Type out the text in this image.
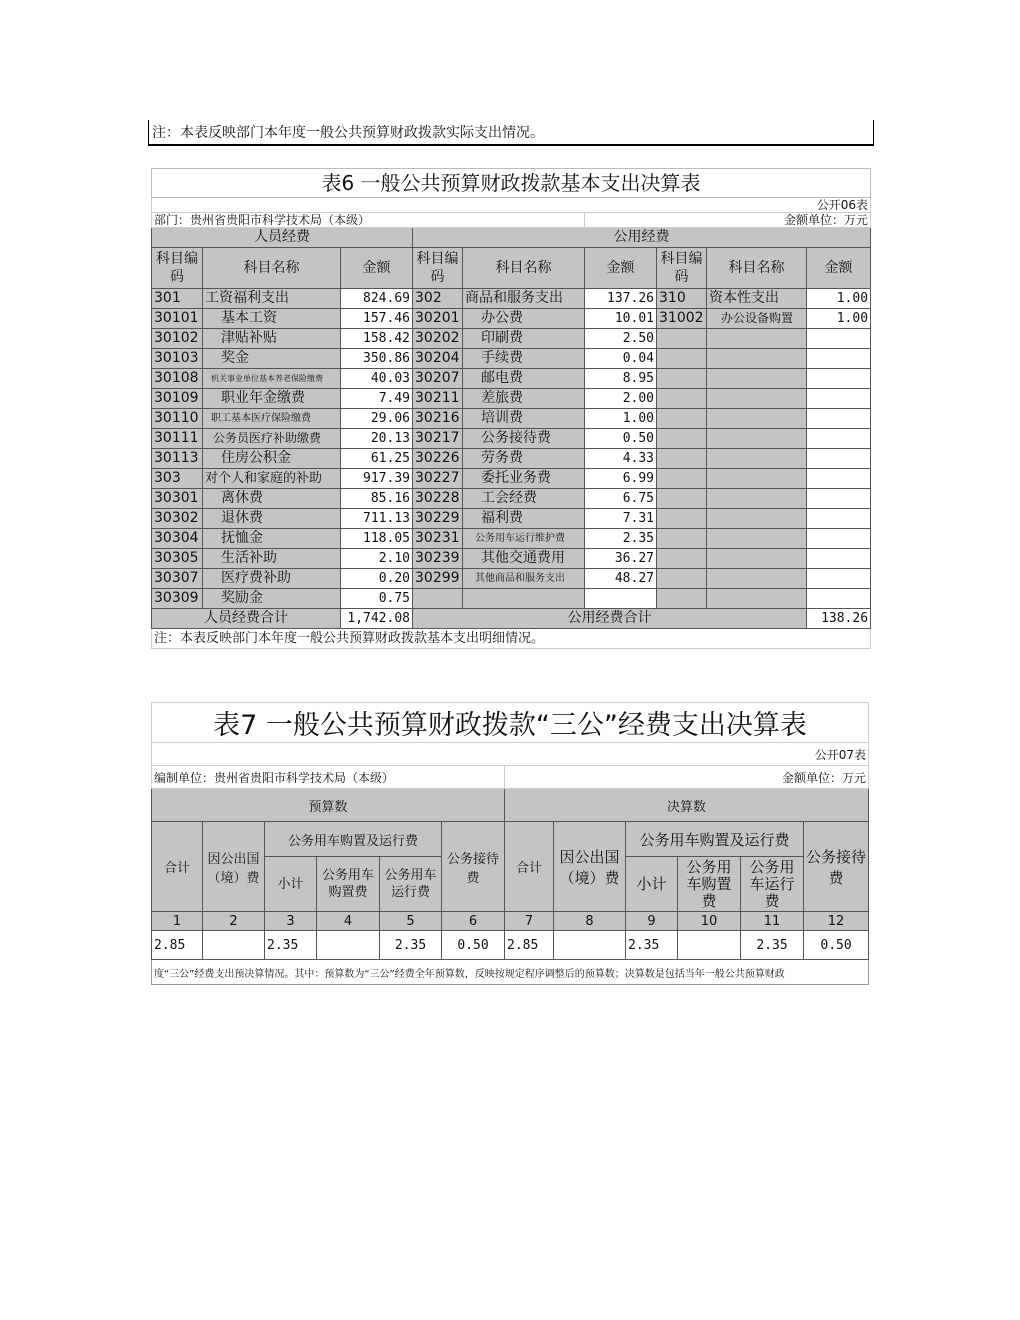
注：本表反映部门本年度一般公共预算财政拨款实际支出情况。
表6 一般公共预算财政拨款基本支出决算表								
公开06表								
部门：贵州省贵阳市科学技术局（本级）					金额单位：万元			
人员经费			公用经费					
科目编码	科目名称	金额	科目编码	科目名称	金额	科目编码	科目名称	金额
301	工资福利支出	824.69	302	商品和服务支出	137.26	310	资本性支出	1.00
30101	基本工资	157.46	30201	办公费	10.01	31002	办公设备购置	1.00
30102	津贴补贴	158.42	30202	印刷费	2.50			
30103	奖金	350.86	30204	手续费	0.04			
30108	机关事业单位基本养老保险缴费	40.03	30207	邮电费	8.95			
30109	职业年金缴费	7.49	30211	差旅费	2.00			
30110	职工基本医疗保险缴费	29.06	30216	培训费	1.00			
30111	公务员医疗补助缴费	20.13	30217	公务接待费	0.50			
30113	住房公积金	61.25	30226	劳务费	4.33			
303	对个人和家庭的补助	917.39	30227	委托业务费	6.99			
30301	离休费	85.16	30228	工会经费	6.75			
30302	退休费	711.13	30229	福利费	7.31			
30304	抚恤金	118.05	30231	公务用车运行维护费	2.35			
30305	生活补助	2.10	30239	其他交通费用	36.27			
30307	医疗费补助	0.20	30299	其他商品和服务支出	48.27			
30309	奖励金	0.75						
人员经费合计		1,742.08	公用经费合计					138.26
注：本表反映部门本年度一般公共预算财政拨款基本支出明细情况。								
表7 一般公共预算财政拨款“三公”经费支出决算表											
公开07表											
编制单位：贵州省贵阳市科学技术局（本级）						金额单位：万元					
预算数						决算数					
合计	因公出国（境）费	公务用车购置及运行费			公务接待费	合计	因公出国（境）费	公务用车购置及运行费			公务接待费
		小计	公务用车购置费	公务用车运行费				小计	公务用车购置费	公务用车运行费	
1	2	3	4	5	6	7	8	9	10	11	12
2.85		2.35		2.35	0.50	2.85		2.35		2.35	0.50
度“三公”经费支出预决算情况。其中：预算数为“三公”经费全年预算数，反映按规定程序调整后的预算数；决算数是包括当年一般公共预算财政											
